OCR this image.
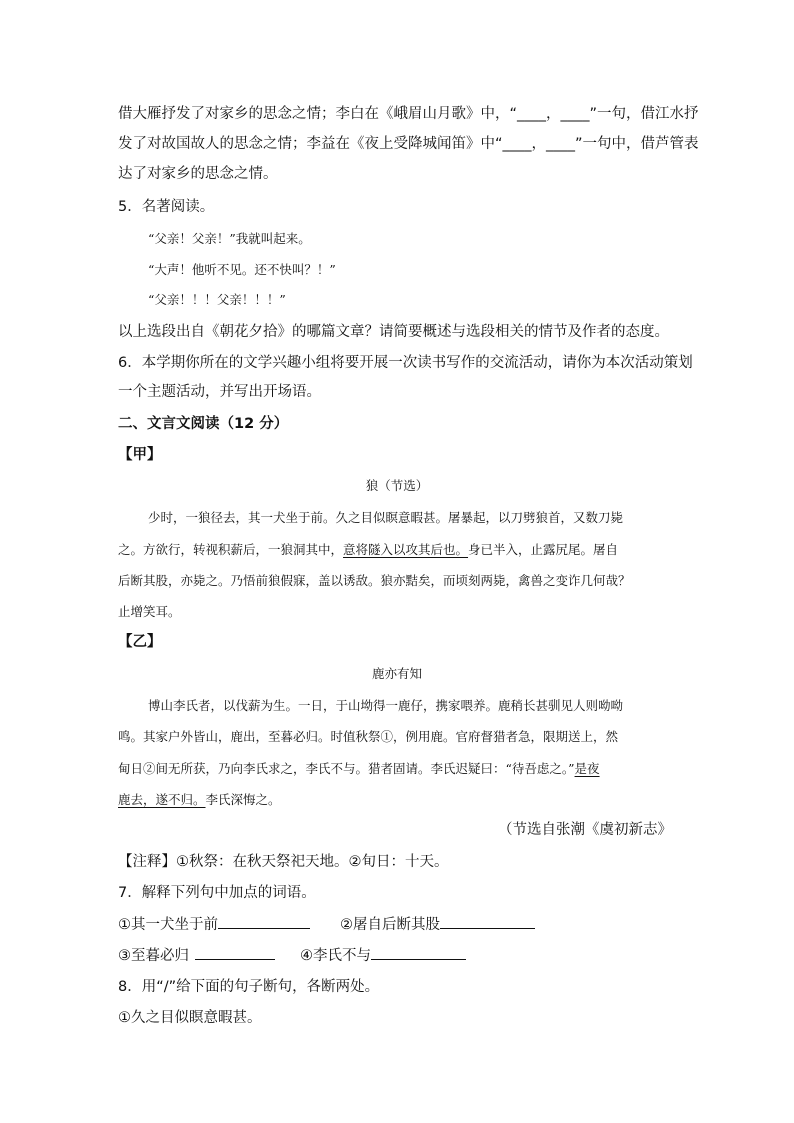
借大雁抒发了对家乡的思念之情；李白在《峨眉山月歌》中，“____，____”一句，借江水抒
发了对故国故人的思念之情；李益在《夜上受降城闻笛》中“____，____”一句中，借芦管表
达了对家乡的思念之情。
5．名著阅读。
“父亲！父亲！”我就叫起来。
“大声！他听不见。还不快叫？！”
“父亲！！！父亲！！！”
以上选段出自《朝花夕拾》的哪篇文章？请简要概述与选段相关的情节及作者的态度。
6．本学期你所在的文学兴趣小组将要开展一次读书写作的交流活动，请你为本次活动策划
一个主题活动，并写出开场语。
二、文言文阅读（12 分）
【甲】
狼（节选）
少时，一狼径去，其一犬坐于前。久之目似瞑意暇甚。屠暴起，以刀劈狼首，又数刀毙
之。方欲行，转视积薪后，一狼洞其中，意将隧入以攻其后也。身已半入，止露尻尾。屠自
后断其股，亦毙之。乃悟前狼假寐，盖以诱敌。狼亦黠矣，而顷刻两毙，禽兽之变诈几何哉？
止增笑耳。
【乙】
鹿亦有知
博山李氏者，以伐薪为生。一日，于山坳得一鹿仔，携家喂养。鹿稍长甚驯见人则呦呦
鸣。其家户外皆山，鹿出，至暮必归。时值秋祭①，例用鹿。官府督猎者急，限期送上，然
甸日②间无所获，乃向李氏求之，李氏不与。猎者固请。李氏迟疑曰：“待吾虑之。”是夜
鹿去，遂不归。李氏深悔之。
（节选自张潮《虞初新志》
【注释】①秋祭：在秋天祭祀天地。②旬日：十天。
7．解释下列句中加点的词语。
①其一犬坐于前	②屠自后断其股
③至暮必归	④李氏不与
8．用“/”给下面的句子断句，各断两处。
①久之目似瞑意暇甚。
